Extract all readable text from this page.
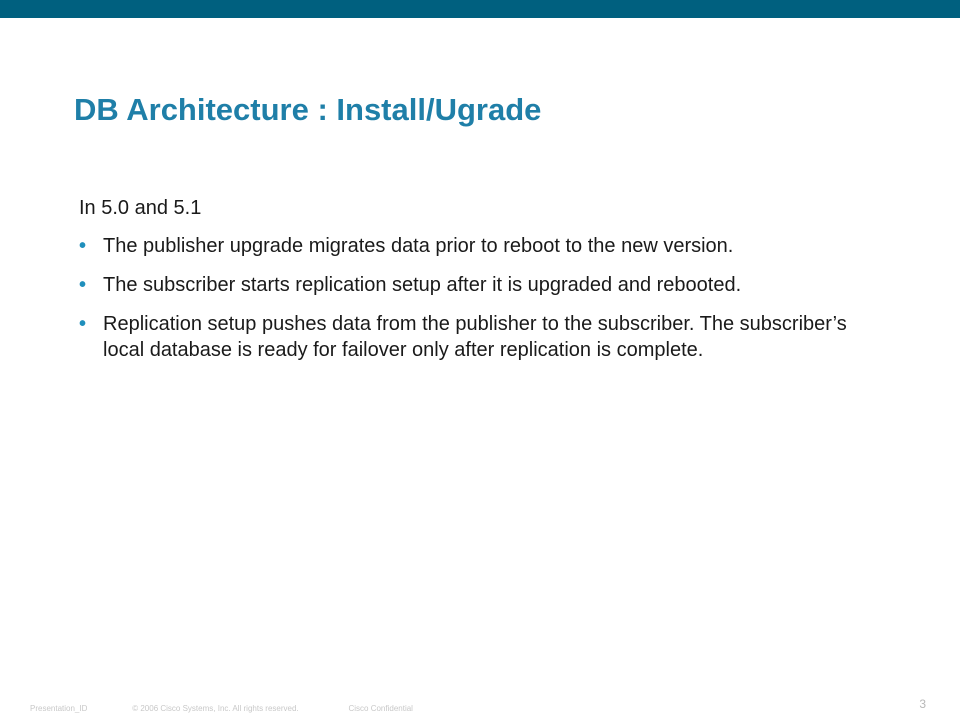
DB Architecture : Install/Ugrade

In 5.0 and 5.1

• The publisher upgrade migrates data prior to reboot to the new version.
• The subscriber starts replication setup after it is upgraded and rebooted.
• Replication setup pushes data from the publisher to the subscriber. The subscriber’s local database is ready for failover only after replication is complete.
Presentation_ID	© 2006 Cisco Systems, Inc. All rights reserved.	Cisco Confidential	3
